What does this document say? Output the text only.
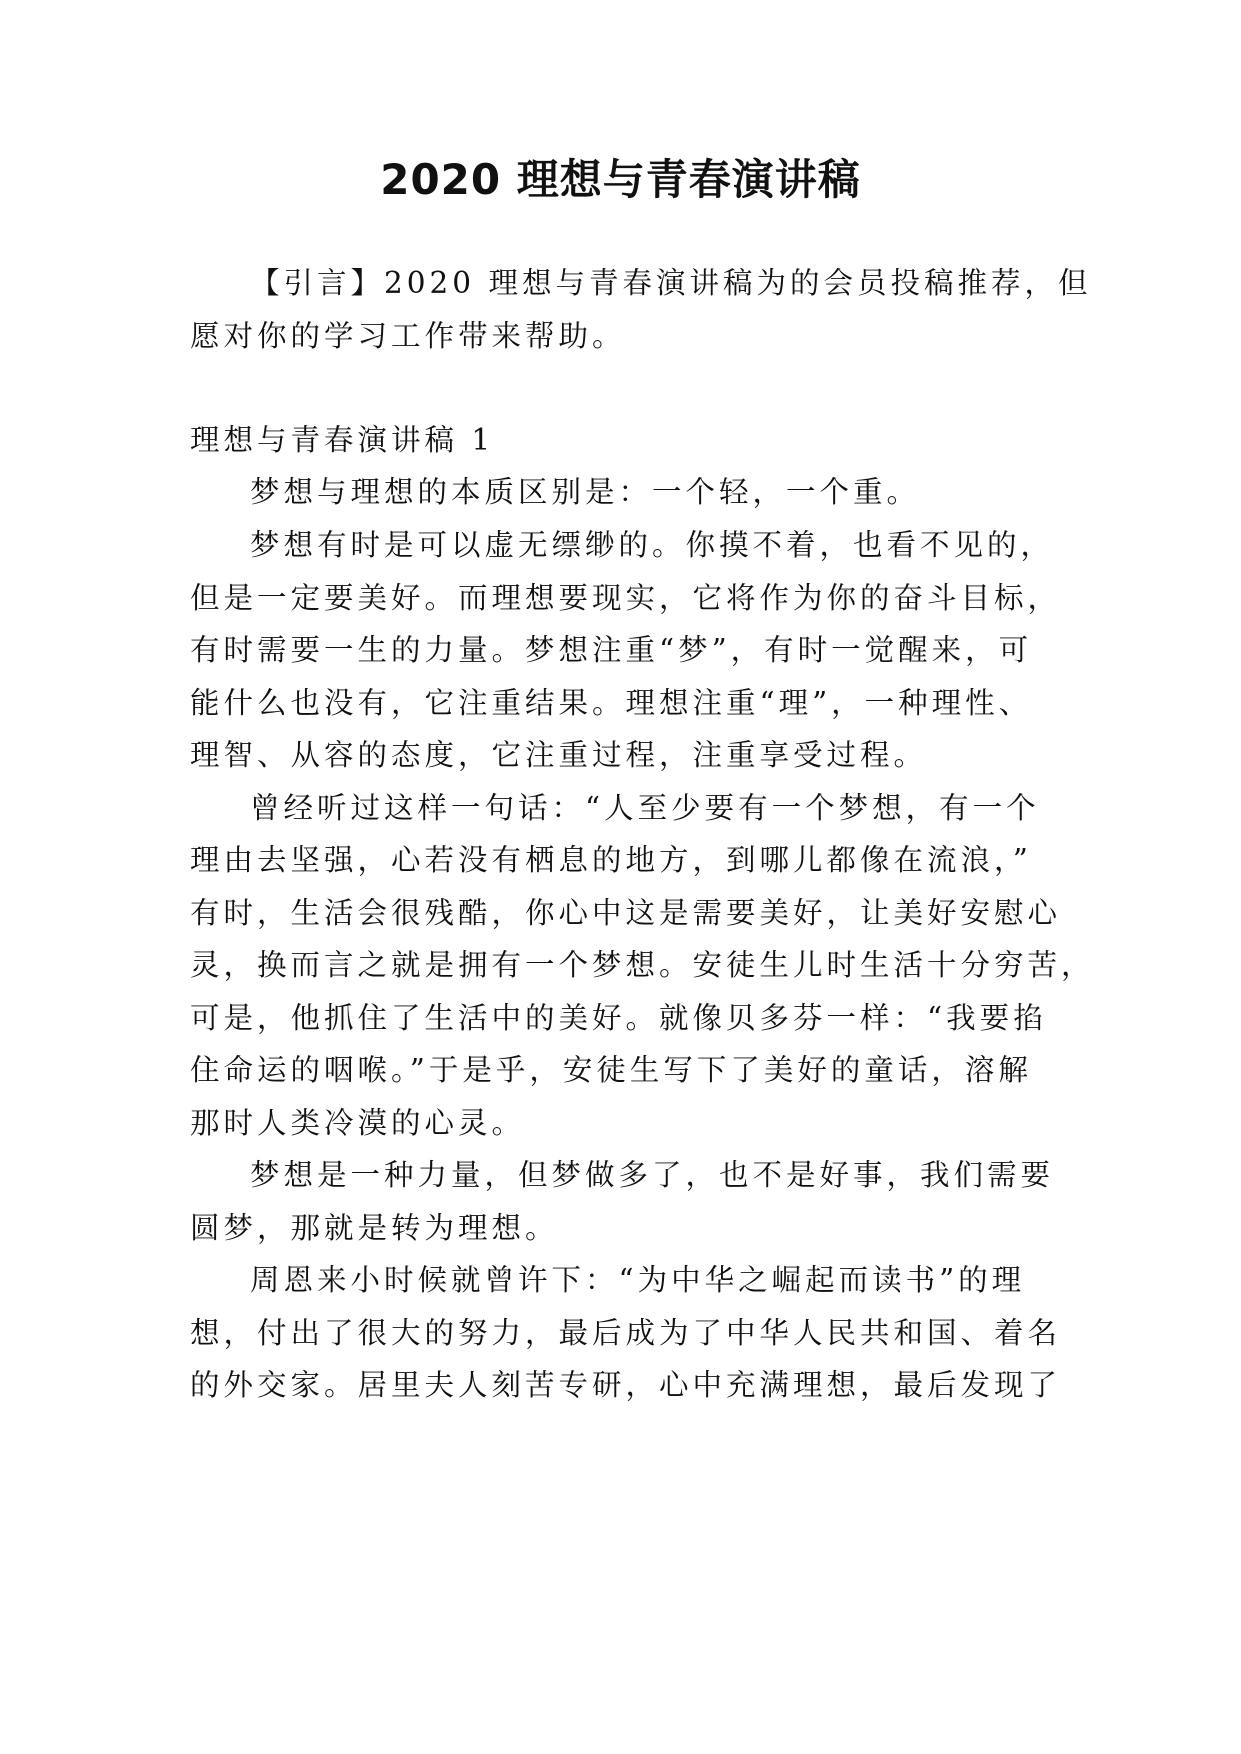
2020 理想与青春演讲稿
【引言】2020 理想与青春演讲稿为的会员投稿推荐，但
愿对你的学习工作带来帮助。
理想与青春演讲稿 1
梦想与理想的本质区别是：一个轻，一个重。
梦想有时是可以虚无缥缈的。你摸不着，也看不见的，
但是一定要美好。而理想要现实，它将作为你的奋斗目标，
有时需要一生的力量。梦想注重“梦”，有时一觉醒来，可
能什么也没有，它注重结果。理想注重“理”，一种理性、
理智、从容的态度，它注重过程，注重享受过程。
曾经听过这样一句话：“人至少要有一个梦想，有一个
理由去坚强，心若没有栖息的地方，到哪儿都像在流浪，”
有时，生活会很残酷，你心中这是需要美好，让美好安慰心
灵，换而言之就是拥有一个梦想。安徒生儿时生活十分穷苦，
可是，他抓住了生活中的美好。就像贝多芬一样：“我要掐
住命运的咽喉。”于是乎，安徒生写下了美好的童话，溶解
那时人类冷漠的心灵。
梦想是一种力量，但梦做多了，也不是好事，我们需要
圆梦，那就是转为理想。
周恩来小时候就曾许下：“为中华之崛起而读书”的理
想，付出了很大的努力，最后成为了中华人民共和国、着名
的外交家。居里夫人刻苦专研，心中充满理想，最后发现了
